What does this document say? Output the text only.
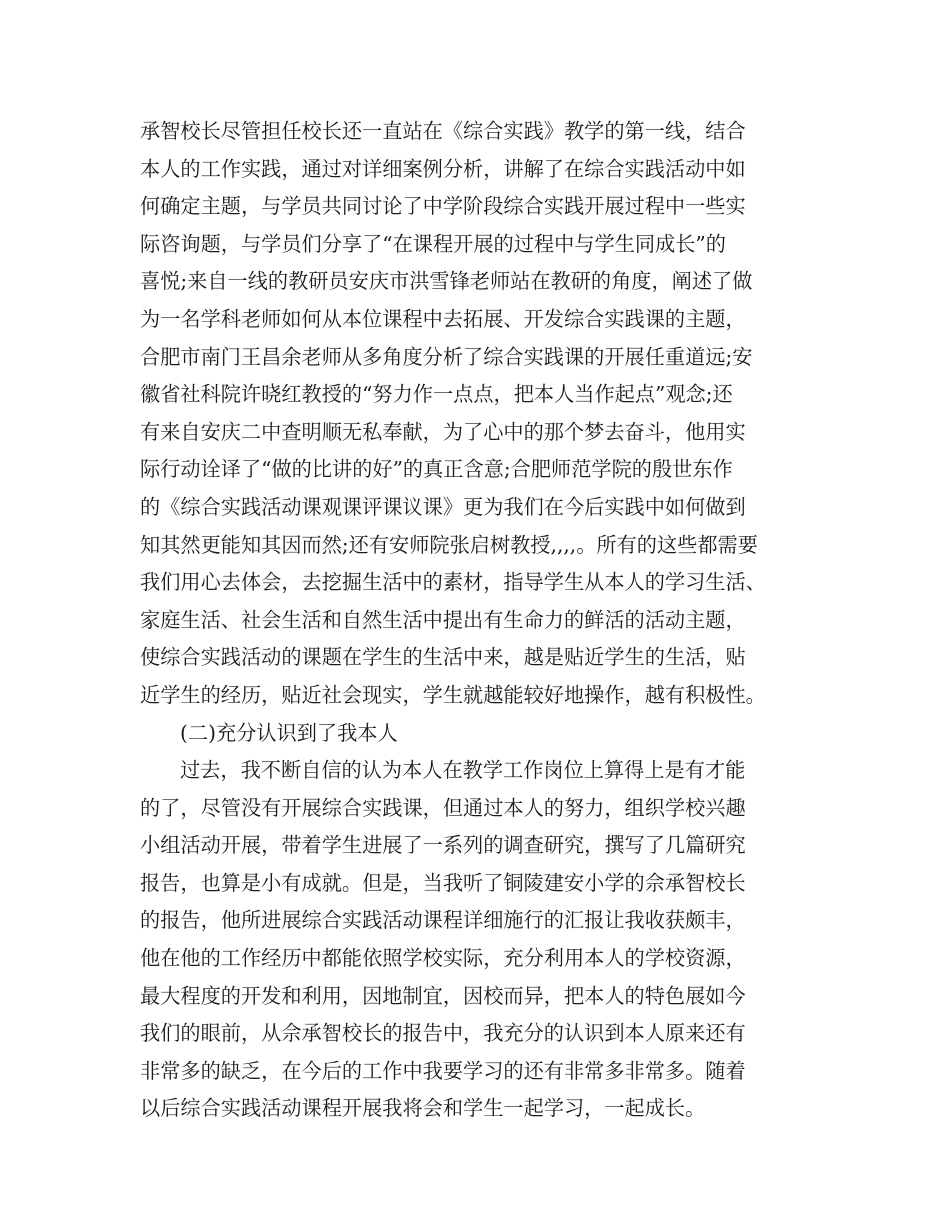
承智校长尽管担任校长还一直站在《综合实践》教学的第一线，结合
本人的工作实践，通过对详细案例分析，讲解了在综合实践活动中如
何确定主题，与学员共同讨论了中学阶段综合实践开展过程中一些实
际咨询题，与学员们分享了“在课程开展的过程中与学生同成长”的
喜悦;来自一线的教研员安庆市洪雪锋老师站在教研的角度，阐述了做
为一名学科老师如何从本位课程中去拓展、开发综合实践课的主题，
合肥市南门王昌余老师从多角度分析了综合实践课的开展任重道远;安
徽省社科院许晓红教授的“努力作一点点，把本人当作起点”观念;还
有来自安庆二中查明顺无私奉献，为了心中的那个梦去奋斗，他用实
际行动诠译了“做的比讲的好”的真正含意;合肥师范学院的殷世东作
的《综合实践活动课观课评课议课》更为我们在今后实践中如何做到
知其然更能知其因而然;还有安师院张启树教授,,,,。所有的这些都需要
我们用心去体会，去挖掘生活中的素材，指导学生从本人的学习生活、
家庭生活、社会生活和自然生活中提出有生命力的鲜活的活动主题，
使综合实践活动的课题在学生的生活中来，越是贴近学生的生活，贴
近学生的经历，贴近社会现实，学生就越能较好地操作，越有积极性。
(二)充分认识到了我本人
过去，我不断自信的认为本人在教学工作岗位上算得上是有才能
的了，尽管没有开展综合实践课，但通过本人的努力，组织学校兴趣
小组活动开展，带着学生进展了一系列的调查研究，撰写了几篇研究
报告，也算是小有成就。但是，当我听了铜陵建安小学的佘承智校长
的报告，他所进展综合实践活动课程详细施行的汇报让我收获颇丰，
他在他的工作经历中都能依照学校实际，充分利用本人的学校资源，
最大程度的开发和利用，因地制宜，因校而异，把本人的特色展如今
我们的眼前，从佘承智校长的报告中，我充分的认识到本人原来还有
非常多的缺乏，在今后的工作中我要学习的还有非常多非常多。随着
以后综合实践活动课程开展我将会和学生一起学习，一起成长。
